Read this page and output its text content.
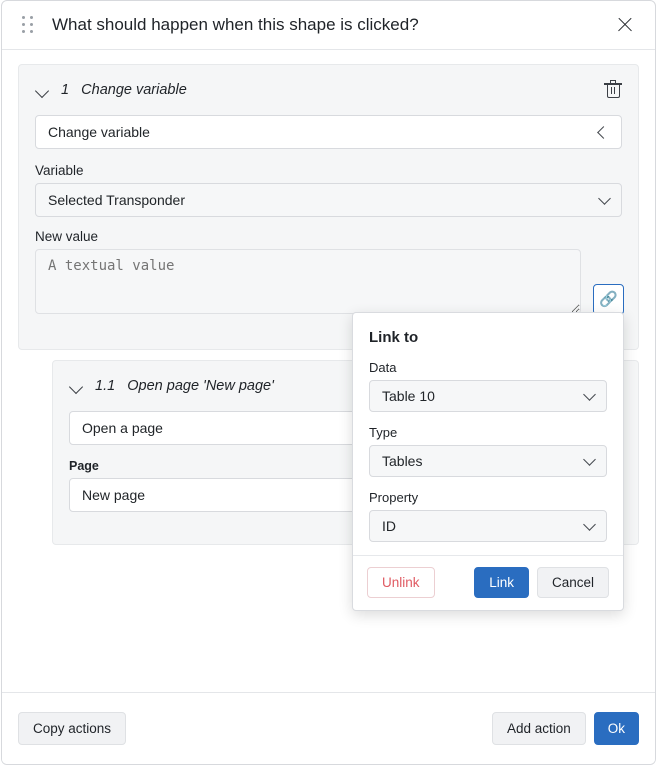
What should happen when this shape is clicked?
1 Change variable
Change variable
Variable
Selected Transponder
New value
A textual value
🔗
1.1 Open page 'New page'
Open a page
Page
New page
Link to
Data
Table 10
Type
Tables
Property
ID
Unlink	Link	Cancel
Copy actions	Add action	Ok
